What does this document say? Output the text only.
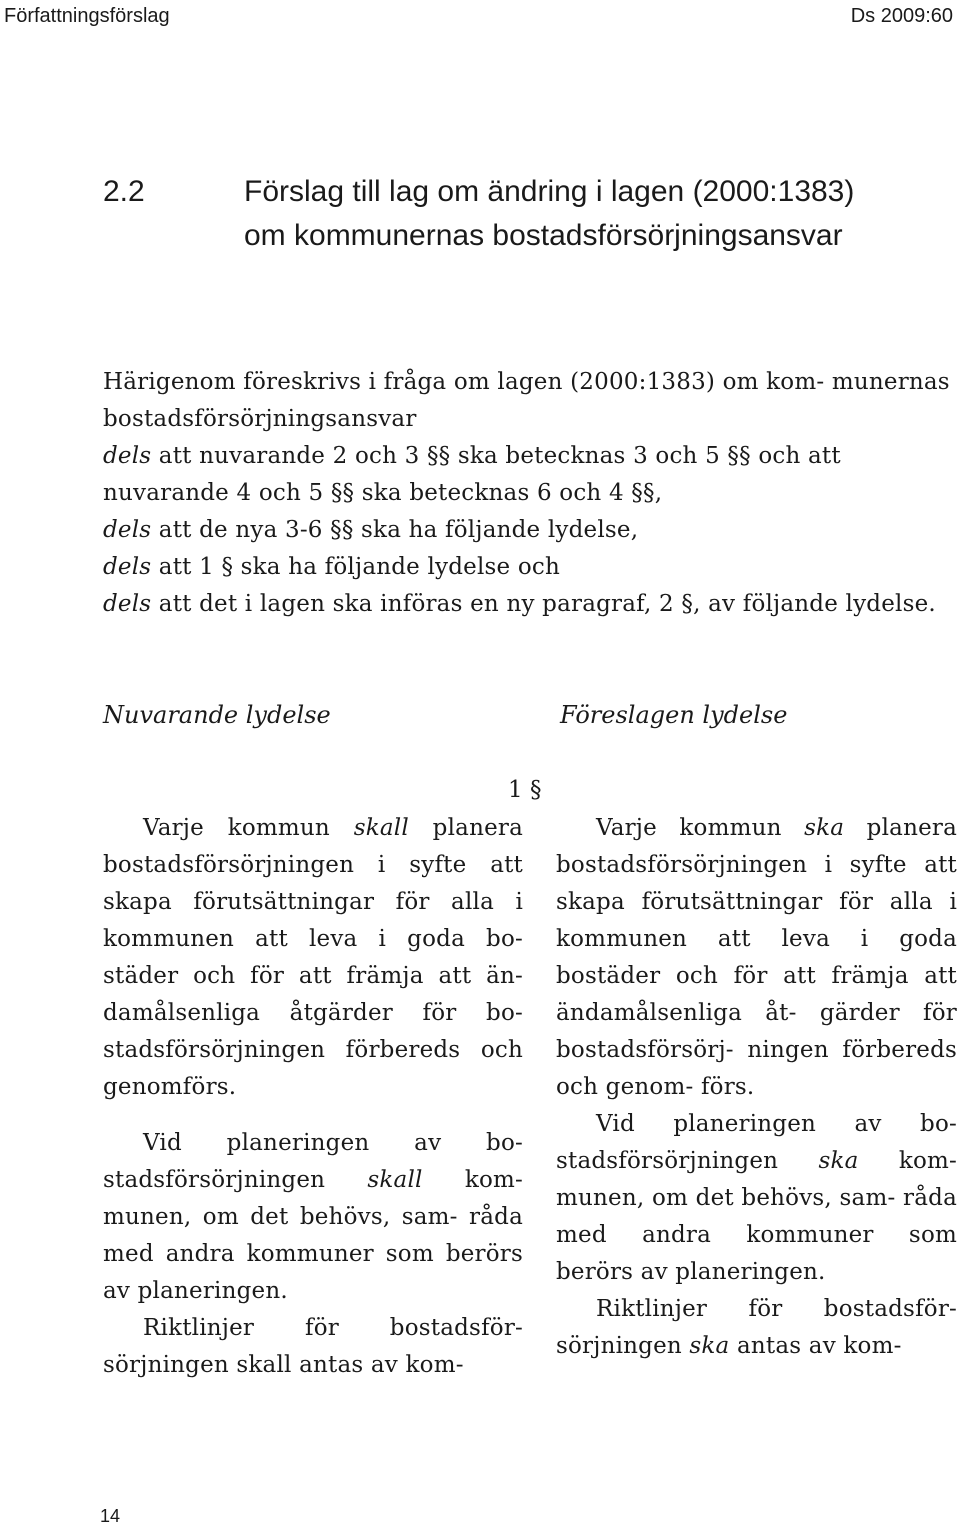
Författningsförslag	Ds 2009:60
2.2	Förslag till lag om ändring i lagen (2000:1383) om kommunernas bostadsförsörjningsansvar

Härigenom föreskrivs i fråga om lagen (2000:1383) om kom- munernas bostadsförsörjningsansvar

dels att nuvarande 2 och 3 §§ ska betecknas 3 och 5 §§ och att nuvarande 4 och 5 §§ ska betecknas 6 och 4 §§,

dels att de nya 3-6 §§ ska ha följande lydelse,

dels att 1 § ska ha följande lydelse och

dels att det i lagen ska införas en ny paragraf, 2 §, av följande lydelse.

Nuvarande lydelse	Föreslagen lydelse
1 §

Varje kommun skall planera bostadsförsörjningen i syfte att skapa förutsättningar för alla i kommunen att leva i goda bo- städer och för att främja att än- damålsenliga åtgärder för bo- stadsförsörjningen förbereds och genomförs.

Vid planeringen av bo- stadsförsörjningen skall kom- munen, om det behövs, sam- råda med andra kommuner som berörs av planeringen.

Riktlinjer för bostadsför- sörjningen skall antas av kom-

Varje kommun ska planera bostadsförsörjningen i syfte att skapa förutsättningar för alla i kommunen att leva i goda bostäder och för att främja att ändamålsenliga åt- gärder för bostadsförsörj- ningen förbereds och genom- förs.

Vid planeringen av bo- stadsförsörjningen ska kom- munen, om det behövs, sam- råda med andra kommuner som berörs av planeringen.

Riktlinjer för bostadsför- sörjningen ska antas av kom-

14
